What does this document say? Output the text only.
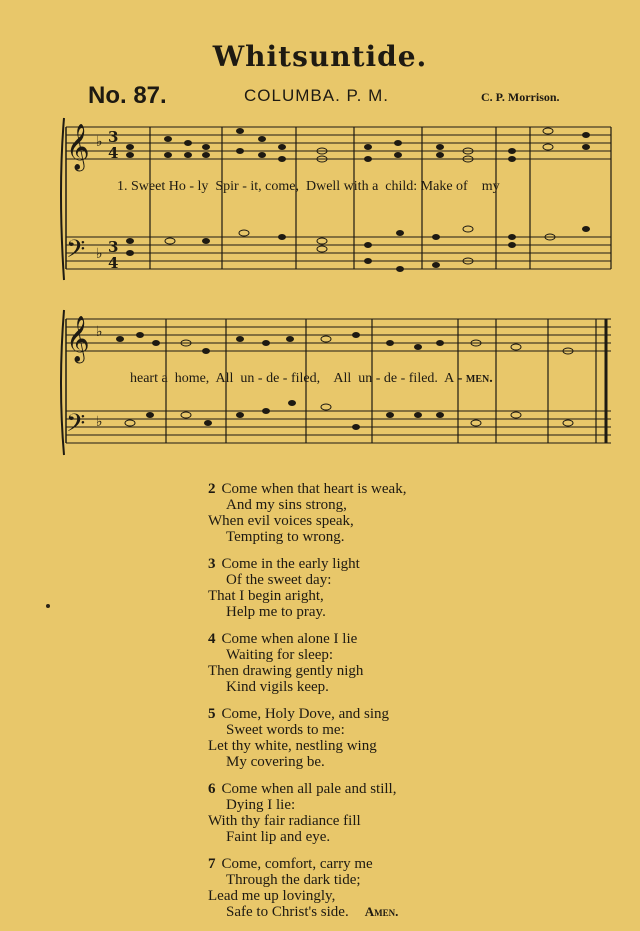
Whitsuntide.
No. 87.	COLUMBA. P. M.	C. P. Morrison.
𝄞
𝄢
𝄞
𝄢
♭
♭
♭
♭
3
4
3
4
1. Sweet Ho - ly  Spir - it, come,  Dwell with a  child: Make of    my
heart a  home,  All  un - de - filed,    All  un - de - filed.  A - men.
2 Come when that heart is weak,
And my sins strong,
When evil voices speak,
Tempting to wrong.
3 Come in the early light
Of the sweet day:
That I begin aright,
Help me to pray.
4 Come when alone I lie
Waiting for sleep:
Then drawing gently nigh
Kind vigils keep.
5 Come, Holy Dove, and sing
Sweet words to me:
Let thy white, nestling wing
My covering be.
6 Come when all pale and still,
Dying I lie:
With thy fair radiance fill
Faint lip and eye.
7 Come, comfort, carry me
Through the dark tide;
Lead me up lovingly,
Safe to Christ's side. Amen.
